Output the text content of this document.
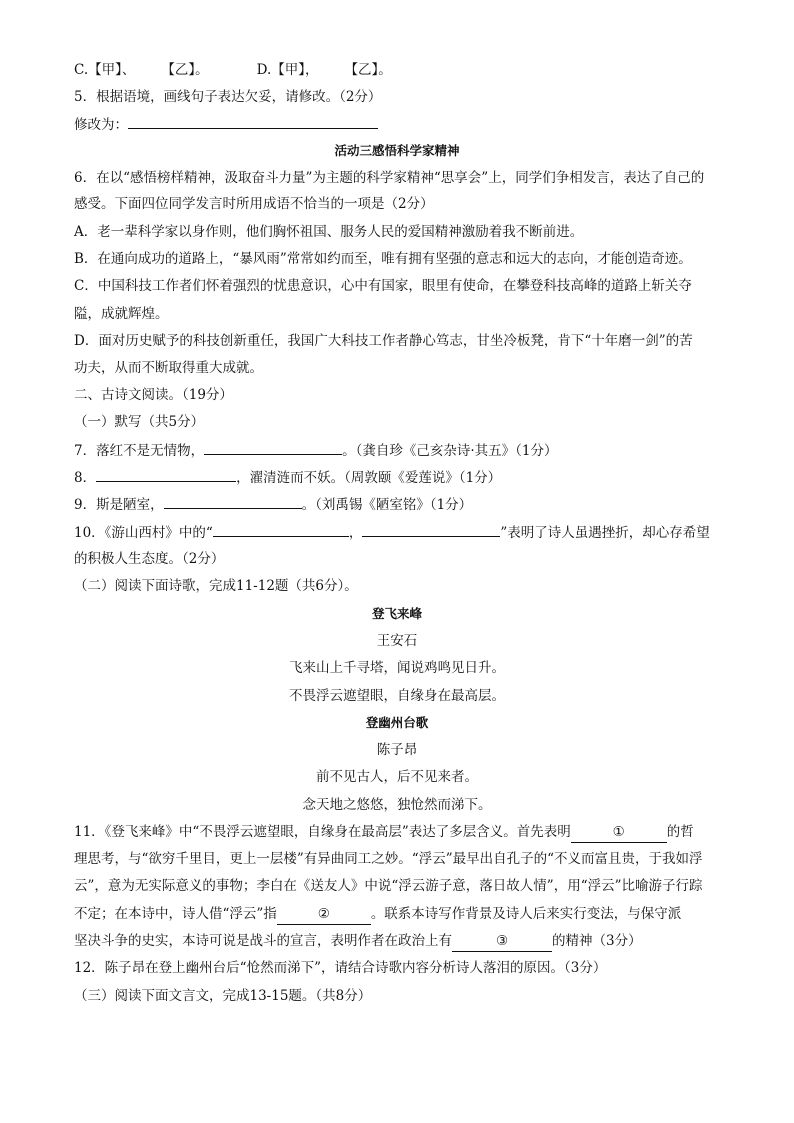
C.【甲】、 【乙】。	D.【甲】， 【乙】。
5．根据语境，画线句子表达欠妥，请修改。（2分）
修改为：
活动三感悟科学家精神
6．在以“感悟榜样精神，汲取奋斗力量”为主题的科学家精神“思享会”上，同学们争相发言，表达了自己的
感受。下面四位同学发言时所用成语不恰当的一项是（2分）
A．老一辈科学家以身作则，他们胸怀祖国、服务人民的爱国精神激励着我不断前进。
B．在通向成功的道路上，“暴风雨”常常如约而至，唯有拥有坚强的意志和远大的志向，才能创造奇迹。
C．中国科技工作者们怀着强烈的忧患意识，心中有国家，眼里有使命，在攀登科技高峰的道路上斩关夺
隘，成就辉煌。
D．面对历史赋予的科技创新重任，我国广大科技工作者静心笃志，甘坐冷板凳，肯下“十年磨一剑”的苦
功夫，从而不断取得重大成就。
二、古诗文阅读。（19分）
（一）默写（共5分）
7．落红不是无情物，	。（龚自珍《己亥杂诗·其五》（1分）
8．	，濯清涟而不妖。（周敦颐《爱莲说》（1分）
9．斯是陋室，	。（刘禹锡《陋室铭》（1分）
10．《游山西村》中的“	，	”表明了诗人虽遇挫折，却心存希望
的积极人生态度。（2分）
（二）阅读下面诗歌，完成11-12题（共6分）。
登飞来峰
王安石
飞来山上千寻塔，闻说鸡鸣见日升。
不畏浮云遮望眼，自缘身在最高层。
登幽州台歌
陈子昂
前不见古人，后不见来者。
念天地之悠悠，独怆然而涕下。
11．《登飞来峰》中“不畏浮云遮望眼，自缘身在最高层”表达了多层含义。首先表明	①	的哲
理思考，与“欲穷千里目，更上一层楼”有异曲同工之妙。“浮云”最早出自孔子的“不义而富且贵，于我如浮
云”，意为无实际意义的事物；李白在《送友人》中说“浮云游子意，落日故人情”，用“浮云”比喻游子行踪
不定；在本诗中，诗人借“浮云”指	②	。联系本诗写作背景及诗人后来实行变法，与保守派
坚决斗争的史实，本诗可说是战斗的宣言，表明作者在政治上有	③	的精神（3分）
12．陈子昂在登上幽州台后“怆然而涕下”，请结合诗歌内容分析诗人落泪的原因。（3分）
（三）阅读下面文言文，完成13-15题。（共8分）
